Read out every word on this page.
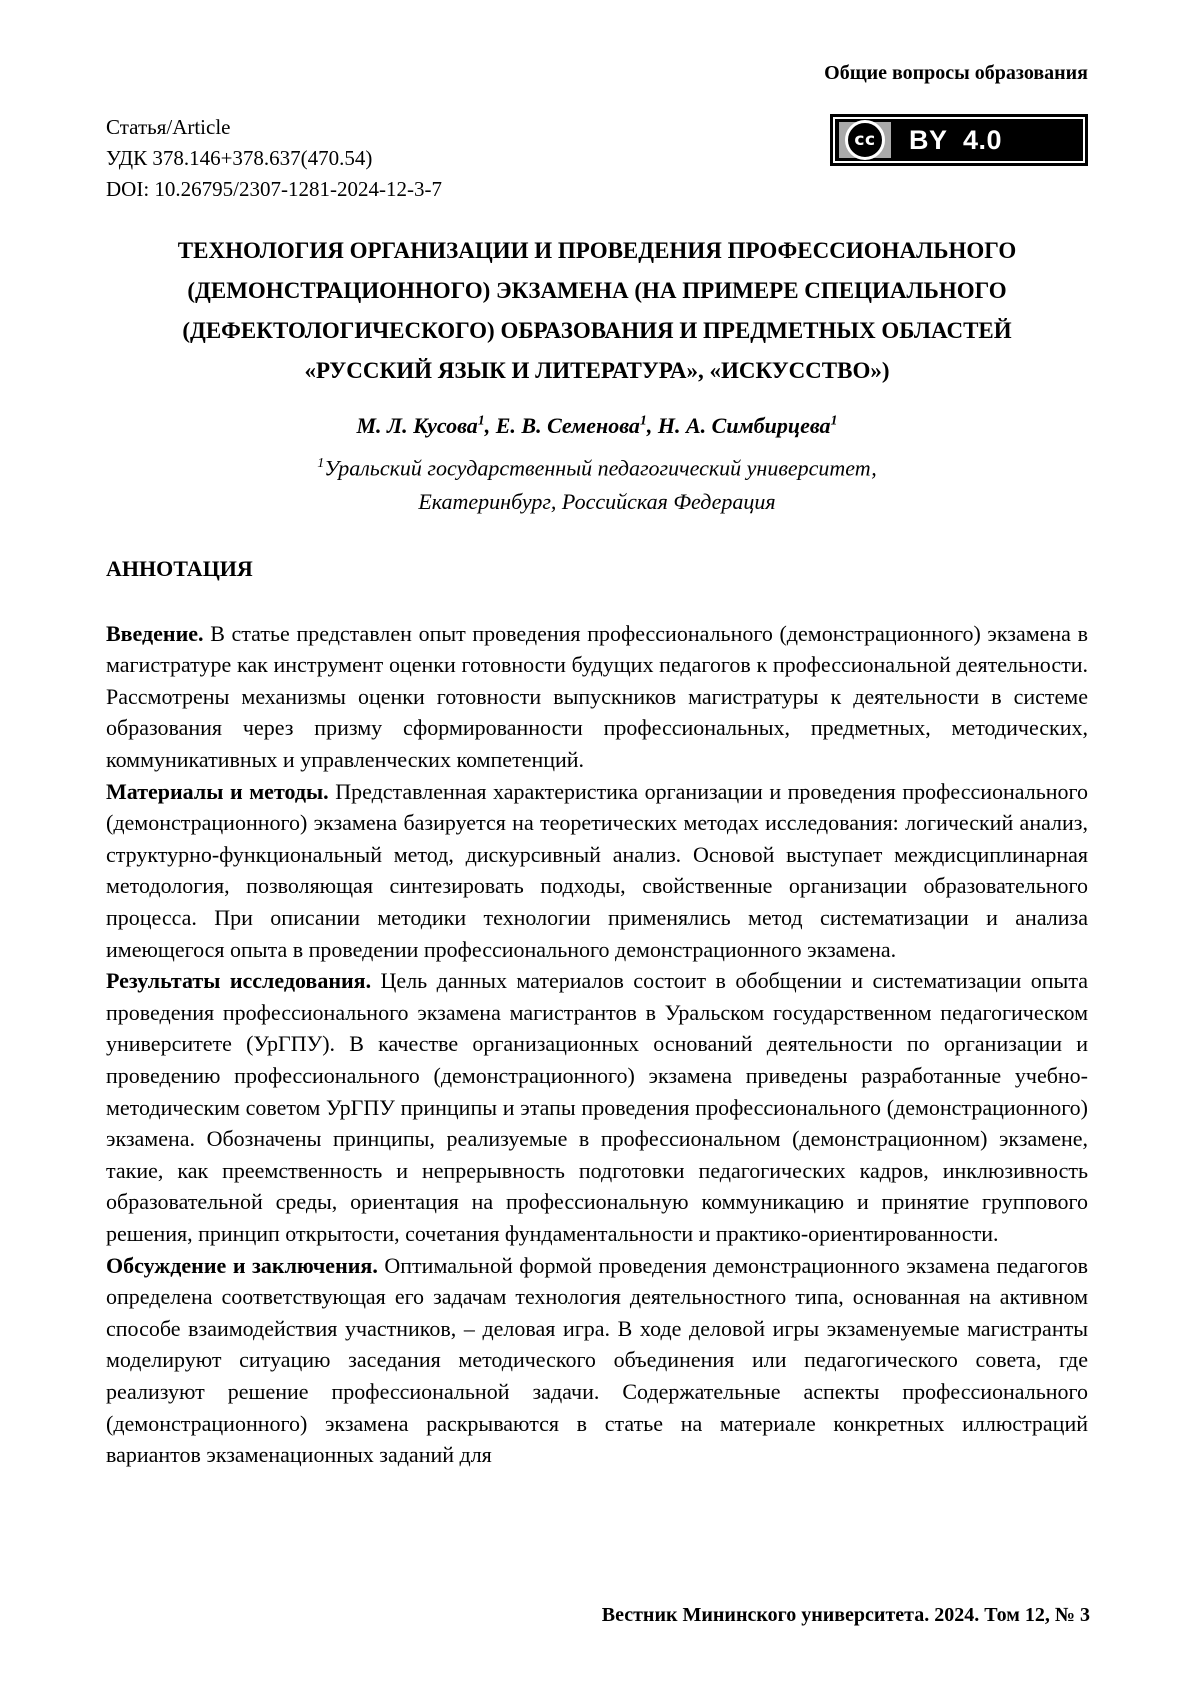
Общие вопросы образования
Статья/Article
УДК 378.146+378.637(470.54)
DOI: 10.26795/2307-1281-2024-12-3-7
cc BY 4.0
ТЕХНОЛОГИЯ ОРГАНИЗАЦИИ И ПРОВЕДЕНИЯ ПРОФЕССИОНАЛЬНОГО
(ДЕМОНСТРАЦИОННОГО) ЭКЗАМЕНА (НА ПРИМЕРЕ СПЕЦИАЛЬНОГО
(ДЕФЕКТОЛОГИЧЕСКОГО) ОБРАЗОВАНИЯ И ПРЕДМЕТНЫХ ОБЛАСТЕЙ
«РУССКИЙ ЯЗЫК И ЛИТЕРАТУРА», «ИСКУССТВО»)
М. Л. Кусова$^1$, Е. В. Семенова$^1$, Н. А. Симбирцева$^1$
$^1$Уральский государственный педагогический университет,
Екатеринбург, Российская Федерация
АННОТАЦИЯ

Введение. В статье представлен опыт проведения профессионального (демонстрационного) экзамена в магистратуре как инструмент оценки готовности будущих педагогов к профессиональной деятельности. Рассмотрены механизмы оценки готовности выпускников магистратуры к деятельности в системе образования через призму сформированности профессиональных, предметных, методических, коммуникативных и управленческих компетенций.

Материалы и методы. Представленная характеристика организации и проведения профессионального (демонстрационного) экзамена базируется на теоретических методах исследования: логический анализ, структурно-функциональный метод, дискурсивный анализ. Основой выступает междисциплинарная методология, позволяющая синтезировать подходы, свойственные организации образовательного процесса. При описании методики технологии применялись метод систематизации и анализа имеющегося опыта в проведении профессионального демонстрационного экзамена.

Результаты исследования. Цель данных материалов состоит в обобщении и систематизации опыта проведения профессионального экзамена магистрантов в Уральском государственном педагогическом университете (УрГПУ). В качестве организационных оснований деятельности по организации и проведению профессионального (демонстрационного) экзамена приведены разработанные учебно-методическим советом УрГПУ принципы и этапы проведения профессионального (демонстрационного) экзамена. Обозначены принципы, реализуемые в профессиональном (демонстрационном) экзамене, такие, как преемственность и непрерывность подготовки педагогических кадров, инклюзивность образовательной среды, ориентация на профессиональную коммуникацию и принятие группового решения, принцип открытости, сочетания фундаментальности и практико-ориентированности.

Обсуждение и заключения. Оптимальной формой проведения демонстрационного экзамена педагогов определена соответствующая его задачам технология деятельностного типа, основанная на активном способе взаимодействия участников, – деловая игра. В ходе деловой игры экзаменуемые магистранты моделируют ситуацию заседания методического объединения или педагогического совета, где реализуют решение профессиональной задачи. Содержательные аспекты профессионального (демонстрационного) экзамена раскрываются в статье на материале конкретных иллюстраций вариантов экзаменационных заданий для

Вестник Мининского университета. 2024. Том 12, № 3
